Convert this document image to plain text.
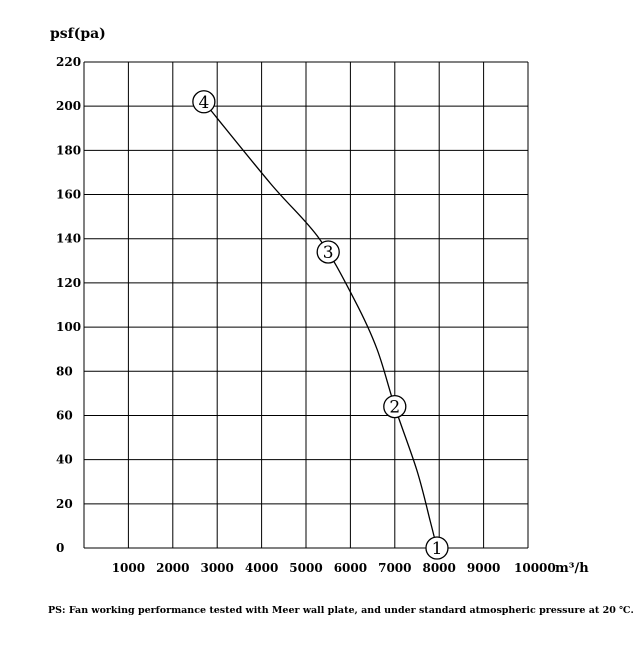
1
2
3
4
0
20
40
60
80
100
120
140
160
180
200
220
1000 2000 3000 4000 5000 6000 7000 8000 9000 10000
psf(pa)
m³/h
PS: Fan working performance tested with Meer wall plate, and under standard atmospheric pressure at 20 ℃.
